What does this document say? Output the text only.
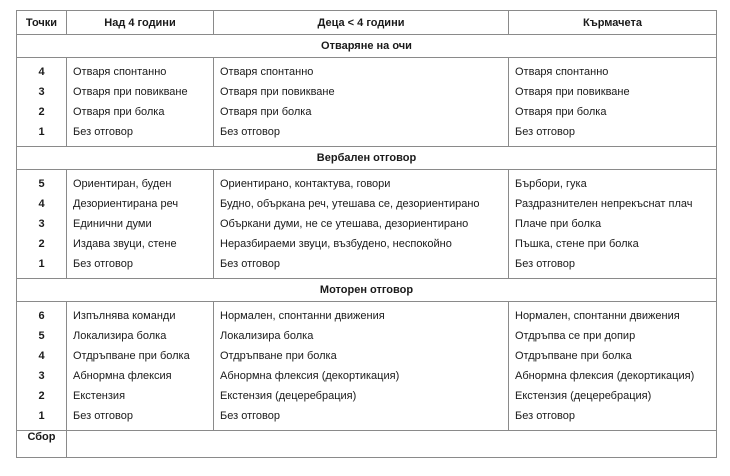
Точки	Над 4 години	Деца < 4 години	Кърмачета
Отваряне на очи			
4	Отваря спонтанно	Отваря спонтанно	Отваря спонтанно
3	Отваря при повикване	Отваря при повикване	Отваря при повикване
2	Отваря при болка	Отваря при болка	Отваря при болка
1	Без отговор	Без отговор	Без отговор
Вербален отговор			
5	Ориентиран, буден	Ориентирано, контактува, говори	Бърбори, гука
4	Дезориентирана реч	Будно, объркана реч, утешава се, дезориентирано	Раздразнителен непрекъснат плач
3	Единични думи	Объркани думи, не се утешава, дезориентирано	Плаче при болка
2	Издава звуци, стене	Неразбираеми звуци, възбудено, неспокойно	Пъшка, стене при болка
1	Без отговор	Без отговор	Без отговор
Моторен отговор			
6	Изпълнява команди	Нормален, спонтанни движения	Нормален, спонтанни движения
5	Локализира болка	Локализира болка	Отдръпва се при допир
4	Отдръпване при болка	Отдръпване при болка	Отдръпване при болка
3	Абнормна флексия	Абнормна флексия (декортикация)	Абнормна флексия (декортикация)
2	Екстензия	Екстензия (децеребрация)	Екстензия (децеребрация)
1	Без отговор	Без отговор	Без отговор
Сбор			
